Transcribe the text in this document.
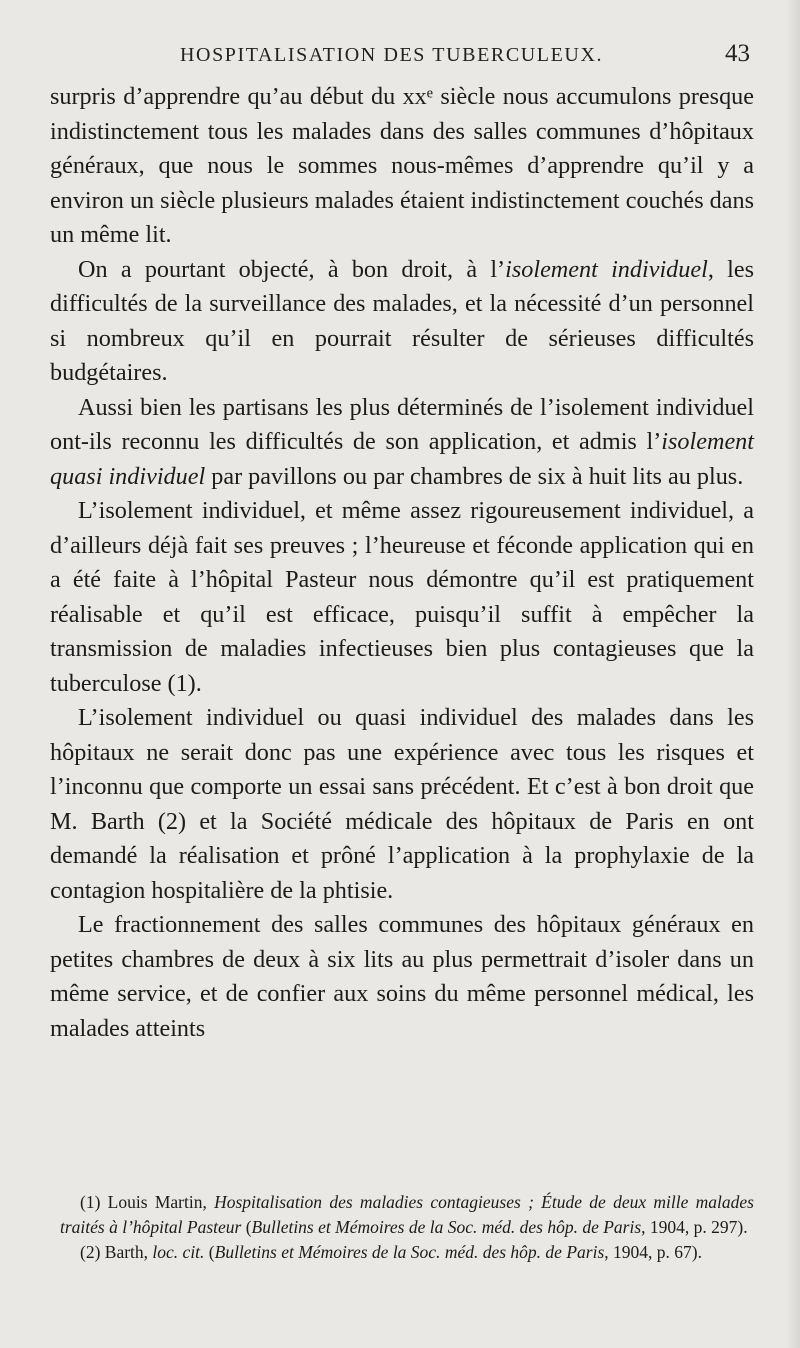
HOSPITALISATION DES TUBERCULEUX.	43

surpris d’apprendre qu’au début du xxᵉ siècle nous accumulons presque indistinctement tous les malades dans des salles communes d’hôpitaux généraux, que nous le sommes nous-mêmes d’apprendre qu’il y a environ un siècle plusieurs malades étaient indistinctement couchés dans un même lit.

On a pourtant objecté, à bon droit, à l’isolement individuel, les difficultés de la surveillance des malades, et la nécessité d’un personnel si nombreux qu’il en pourrait résulter de sérieuses difficultés budgétaires.

Aussi bien les partisans les plus déterminés de l’isolement individuel ont-ils reconnu les difficultés de son application, et admis l’isolement quasi individuel par pavillons ou par chambres de six à huit lits au plus.

L’isolement individuel, et même assez rigoureusement individuel, a d’ailleurs déjà fait ses preuves ; l’heureuse et féconde application qui en a été faite à l’hôpital Pasteur nous démontre qu’il est pratiquement réalisable et qu’il est efficace, puisqu’il suffit à empêcher la transmission de maladies infectieuses bien plus contagieuses que la tuberculose (1).

L’isolement individuel ou quasi individuel des malades dans les hôpitaux ne serait donc pas une expérience avec tous les risques et l’inconnu que comporte un essai sans précédent. Et c’est à bon droit que M. Barth (2) et la Société médicale des hôpitaux de Paris en ont demandé la réalisation et prôné l’application à la prophylaxie de la contagion hospitalière de la phtisie.

Le fractionnement des salles communes des hôpitaux généraux en petites chambres de deux à six lits au plus permettrait d’isoler dans un même service, et de confier aux soins du même personnel médical, les malades atteints

(1) Louis Martin, Hospitalisation des maladies contagieuses ; Étude de deux mille malades traités à l’hôpital Pasteur (Bulletins et Mémoires de la Soc. méd. des hôp. de Paris, 1904, p. 297).

(2) Barth, loc. cit. (Bulletins et Mémoires de la Soc. méd. des hôp. de Paris, 1904, p. 67).
